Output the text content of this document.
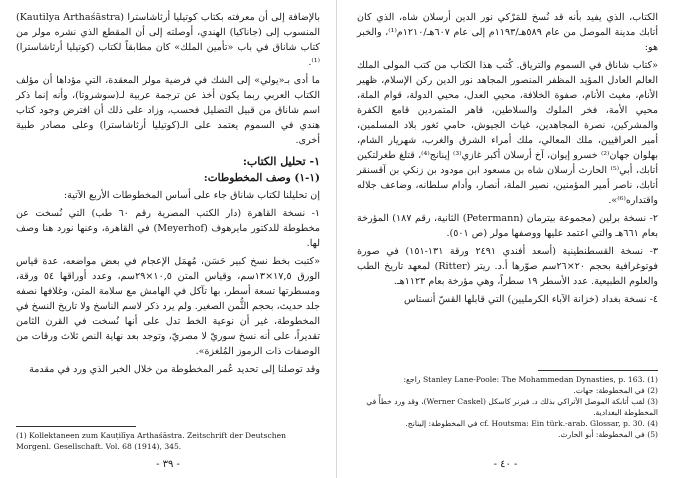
بالإضافة إلى أن معرفته بكتاب كوتيليا أرثاشاسترا (Kautilya Arthaśāstra) المنسوب إلى (جاناكيا) الهندي، أوصلته إلى أن المقطع الذي نشره مولر من كتاب شاناق في باب «تأمين الملك» كان مطابقاً لكتاب (كوتيليا أرثاشاسترا)⁽¹⁾.

ما أدى بـ«يولي» إلى الشك في فرضية مولر المعقدة، التي مؤداها أن مؤلف الكتاب العربي ربما يكون أخذ عن ترجمة عربية لـ(سوشروتا)، وأنه إنما ذكر اسم شاناق من قبيل التضليل فحسب، وزاد على ذلك أن افترض وجود كتاب هندي في السموم يعتمد على الـ(كوتيليا أرثاشاسترا) وعلى مصادر طبية أخرى.

١- تحليل الكتاب:

(١-١) وصف المخطوطات:

إن تحليلنا لكتاب شاناق جاء على أساس المخطوطات الأربع الآتية:

١- نسخة القاهرة (دار الكتب المصرية رقم ٦٠ طب) التي نُسخت عن مخطوطة للدكتور مايرهوف (Meyerhof) في القاهرة، وعنها نورد هنا وصف لها.

«كتبت بخط نسخ كبير حَسَن، مُهمَل الإعجام في بعض مواضعه، عدة قياس الورق ١٧,٥×١٣سم، وقياس المتن ١٠,٥×٢٩سم، وعدد أوراقها ٥٤ ورقة، ومسطرتها تسعة أسطر، بها تآكل في الهامش مع سلامة المتن، وغلافها نصفه جلد حديث، بحجم الثُّمن الصغير. ولم يرد ذكر لاسم الناسخ ولا تاريخ النسخ في المخطوطة، غير أن نوعية الخط تدل على أنها نُسخت في القرن الثامن تقديراً، على أنه نسخ سوريّ لا مصريّ، وتوجد بعد نهاية النص ثلاث ورقات من الوصفات ذات الرموز المُلغزة».

وقد توصلنا إلى تحديد عُمر المخطوطة من خلال الخبر الذي ورد في مقدمة

(1) Kollektaneen zum Kauṭilīya Arthaśāstra. Zeitschrift der Deutschen Morgenl. Gesellschaft. Vol. 68 (1914), 345.

- ٣٩ -

الكتاب، الذي يفيد بأنه قد نُسخ للمَرْكي نور الدين أرسلان شاه، الذي كان أتابك مدينة الموصل من عام ٥٨٩هـ/١١٩٣م إلى عام ٦٠٧هـ/١٢١٠م⁽¹⁾، والخبر هو:

«كتاب شاناق في السموم والترياق. كُتب هذا الكتاب من كتب المولى الملك العالم العادل المؤيد المظفر المنصور المجاهد نور الدين ركن الإسلام، ظهير الأنام، مغيث الأنام، صفوة الخلافة، محيي العدل، محيي الدولة، قوام الملة، محيي الأمة، فخر الملوك والسلاطين، قاهر المتمردين قامع الكفرة والمشركين، نصرة المجاهدين، غياث الجيوش، حامي ثغور بلاد المسلمين، أمير العراقيين، ملك المعالي، ملك أمراء الشرق والغرب، شهريار الشام، بهلوان جهان⁽²⁾ خسرو إيوان، آخ أرسلان أكبر غازي⁽³⁾ إينانج⁽⁴⁾، قتلغ طغرلتكين أتابك، أبي⁽⁵⁾ الحارث أرسلان شاه بن مسعود ابن مودود بن زنكي بن آقسنقر أتابك، ناصر أمير المؤمنين، نصير الملة، أنصار، وأدام سلطانه، وضاعف جلاله واقتداره⁽⁶⁾».

٢- نسخة برلين (مجموعة بيترمان (Petermann) الثانية، رقم ١٨٧) المؤرخة بعام ٦٦١هـ والتي اعتمد عليها ووصفها مولر (ص ٥٠١).

٣- نسخة القسطنطينية (أسعد أفندي ٢٤٩١ ورقة ١٣١-١٥١) في صورة فوتوغرافية بحجم ٢٠×٢٦سم صوّرها أ.د. ريتر (Ritter) لمعهد تاريخ الطب والعلوم الطبيعية. عدد الأسطر ١٩ سطراً، وهي مؤرخة بعام ١١٢٣هـ.

٤- نسخة بغداد (خزانة الآباء الكرمليين) التي قابلها القسّ أنستاس

Stanley Lane-Poole: The Mohammedan Dynasties, p. 163. (1) راجع:

(2) في المخطوطة: جهات.

(3) لقب أتابكة الموصل الأتراكي بذلك د. فيرنر كاسكل (Werner Caskel)، وقد ورد خطأً في المخطوطة البغدادية.

cf. Houtsma: Ein türk.-arab. Glossar, p. 30. (4) في المخطوطة: إلينانج.

(5) في المخطوطة: أبو الحارث.

- ٤٠ -
